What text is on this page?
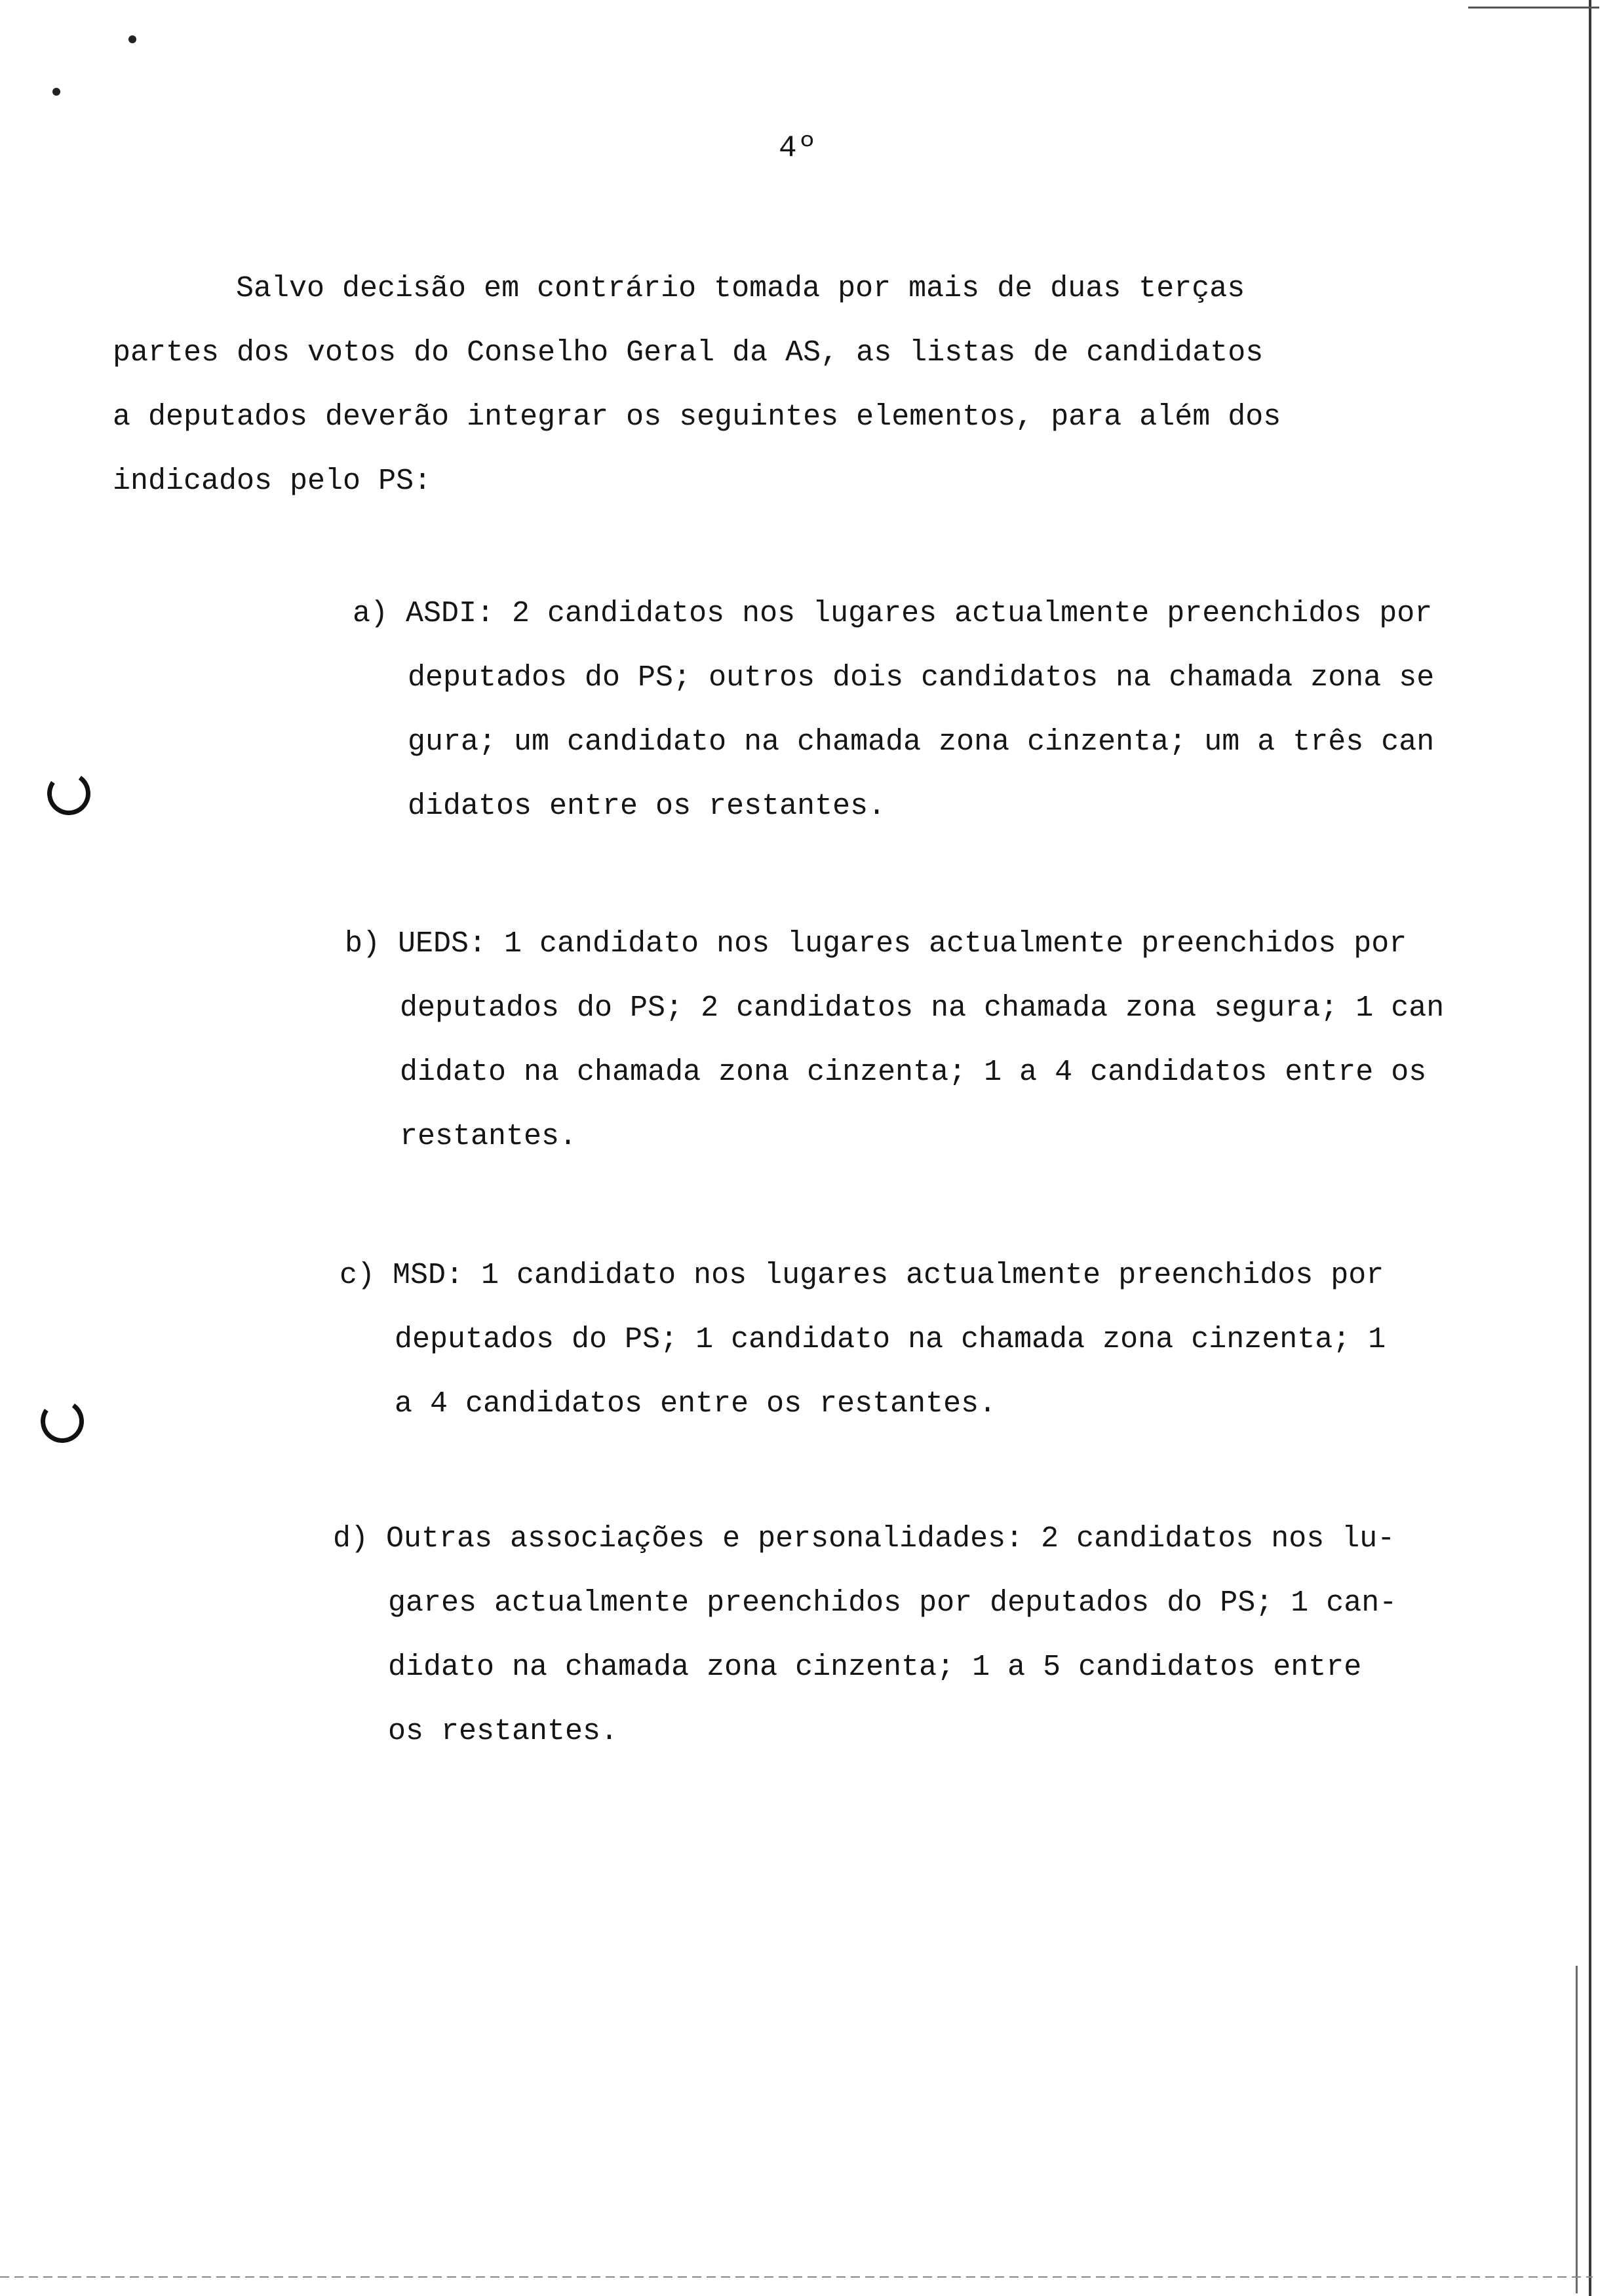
4º
Salvo decisão em contrário tomada por mais de duas terças
partes dos votos do Conselho Geral da AS, as listas de candidatos
a deputados deverão integrar os seguintes elementos, para além dos
indicados pelo PS:
a) ASDI: 2 candidatos nos lugares actualmente preenchidos por
deputados do PS; outros dois candidatos na chamada zona se
gura; um candidato na chamada zona cinzenta; um a três can
didatos entre os restantes.
b) UEDS: 1 candidato nos lugares actualmente preenchidos por
deputados do PS; 2 candidatos na chamada zona segura; 1 can
didato na chamada zona cinzenta; 1 a 4 candidatos entre os
restantes.
c) MSD: 1 candidato nos lugares actualmente preenchidos por
deputados do PS; 1 candidato na chamada zona cinzenta; 1
a 4 candidatos entre os restantes.
d) Outras associações e personalidades: 2 candidatos nos lu-
gares actualmente preenchidos por deputados do PS; 1 can-
didato na chamada zona cinzenta; 1 a 5 candidatos entre
os restantes.
